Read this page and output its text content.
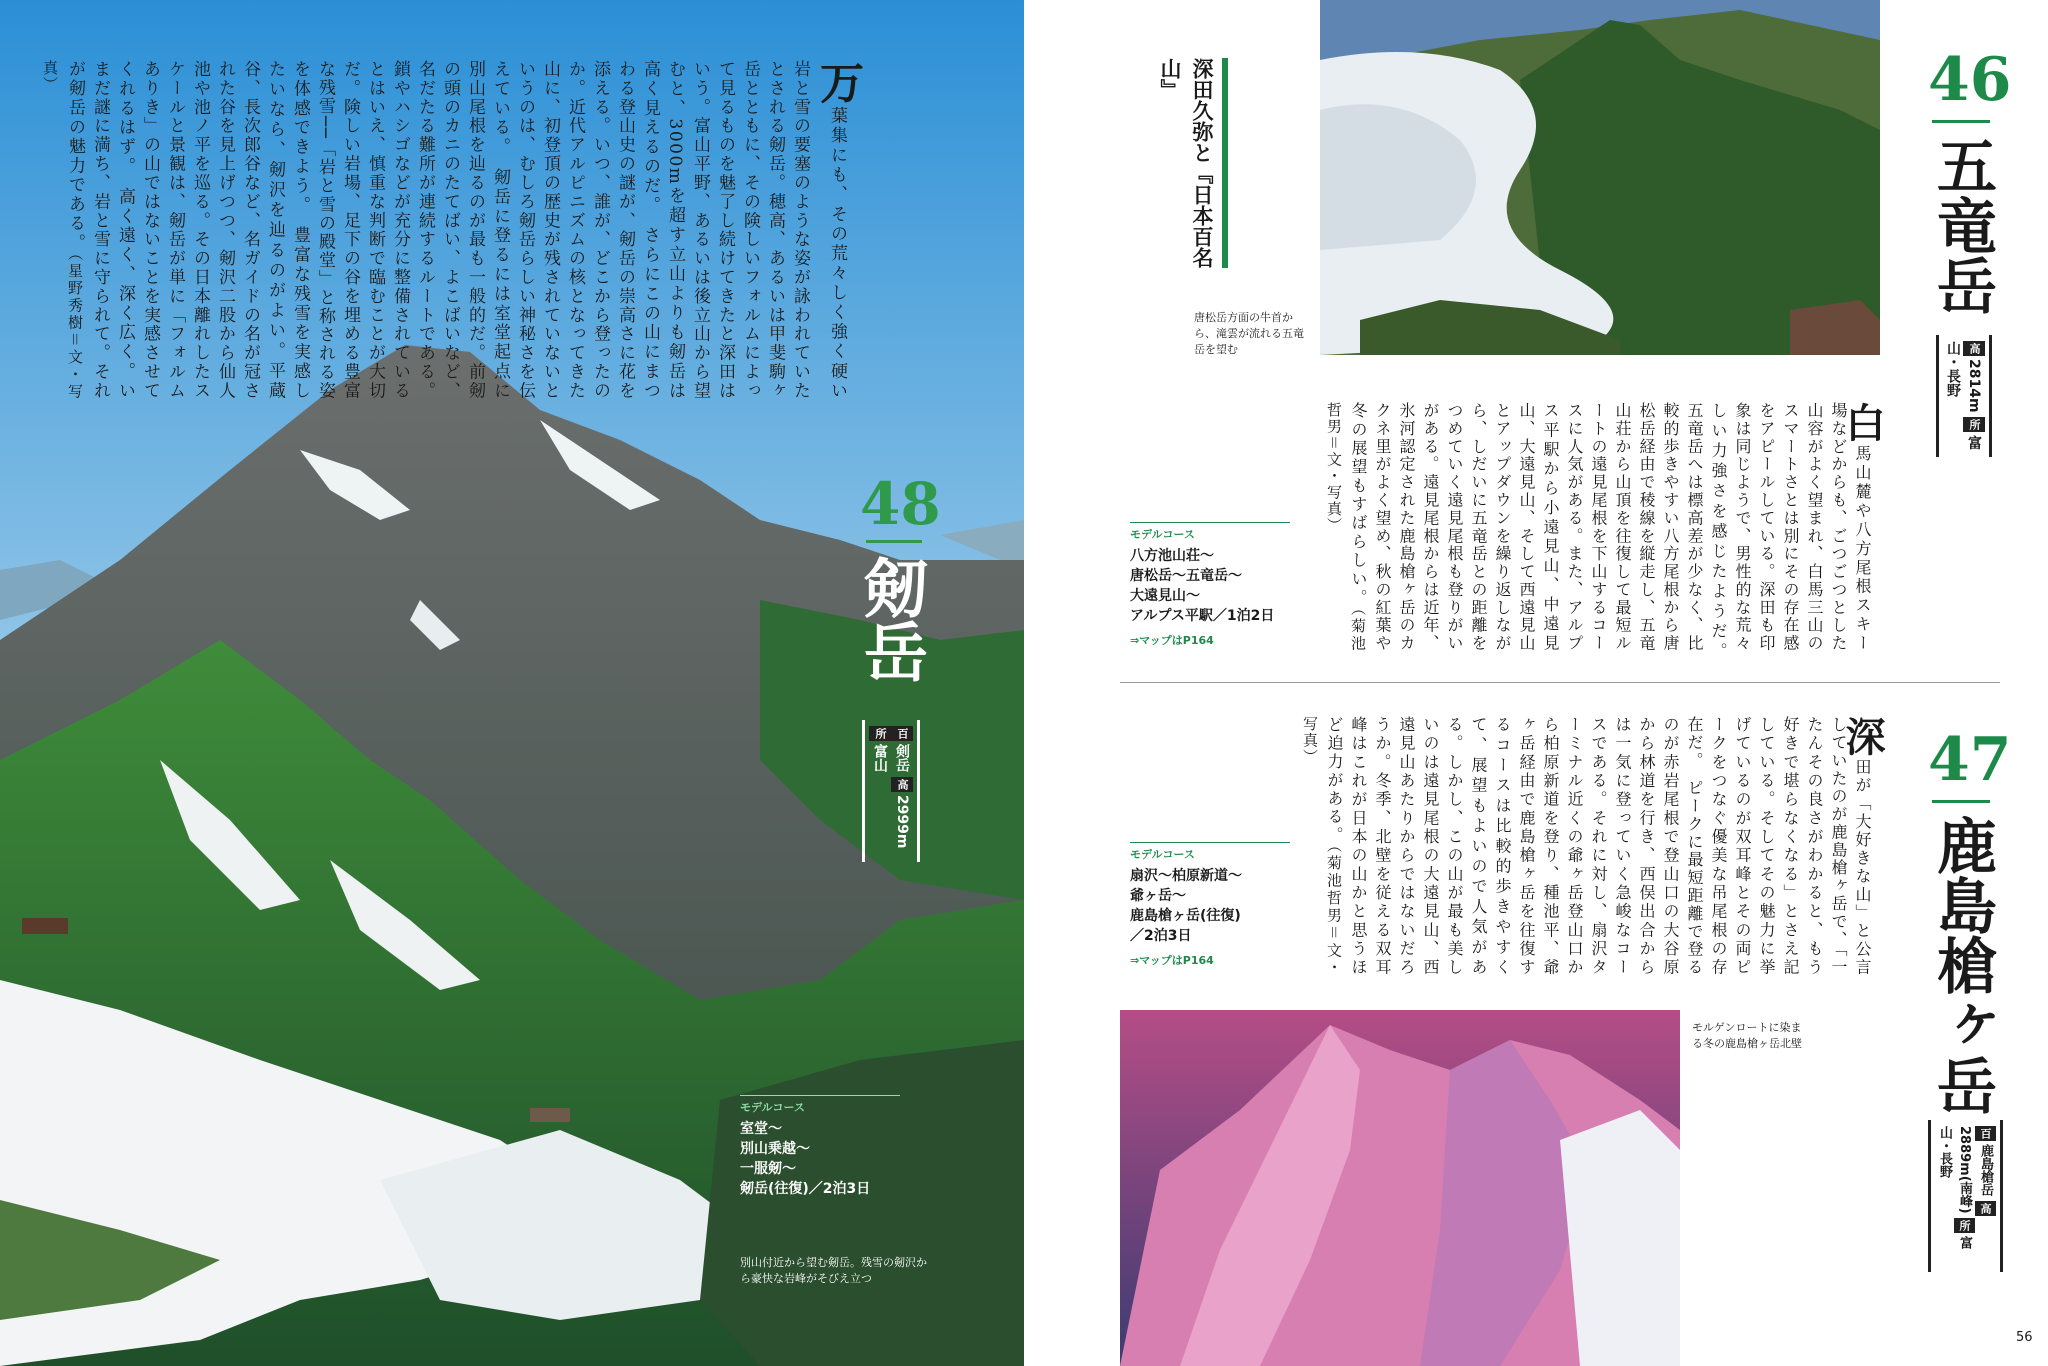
万葉集にも、その荒々しく強く硬い岩と雪の要塞のような姿が詠われていたとされる剱岳。穂高、あるいは甲斐駒ヶ岳とともに、その険しいフォルムによって見るものを魅了し続けてきたと深田はいう。富山平野、あるいは後立山から望むと、3000mを超す立山よりも剱岳は高く見えるのだ。　さらにこの山にまつわる登山史の謎が、剱岳の崇高さに花を添える。いつ、誰が、どこから登ったのか。近代アルピニズムの核となってきた山に、初登頂の歴史が残されていないというのは、むしろ剱岳らしい神秘さを伝えている。　剱岳に登るには室堂起点に別山尾根を辿るのが最も一般的だ。前剱の頭のカニのたてばい、よこばいなど、名だたる難所が連続するルートである。鎖やハシゴなどが充分に整備されているとはいえ、慎重な判断で臨むことが大切だ。険しい岩場、足下の谷を埋める豊富な残雪──「岩と雪の殿堂」と称される姿を体感できよう。　豊富な残雪を実感したいなら、剱沢を辿るのがよい。平蔵谷、長次郎谷など、名ガイドの名が冠された谷を見上げつつ、剱沢二股から仙人池や池ノ平を巡る。その日本離れしたスケールと景観は、剱岳が単に「フォルムありき」の山ではないことを実感させてくれるはず。　高く遠く、深く広く。いまだ謎に満ち、岩と雪に守られて。それが剱岳の魅力である。（星野秀樹＝文・写真）
48
剱岳
百剣岳 高2999m 所富山
モデルコース
室堂〜
別山乗越〜
一服剱〜
剱岳(往復)／2泊3日
別山付近から望む剱岳。残雪の剱沢から豪快な岩峰がそびえ立つ
唐松岳方面の牛首から、滝雲が流れる五竜岳を望む
深田久弥と『日本百名山』	46
五竜岳
高2814m 所富山・長野
白馬山麓や八方尾根スキー場などからも、ごつごつとした山容がよく望まれ、白馬三山のスマートさとは別にその存在感をアピールしている。深田も印象は同じようで、男性的な荒々しい力強さを感じたようだ。　五竜岳へは標高差が少なく、比較的歩きやすい八方尾根から唐松岳経由で稜線を縦走し、五竜山荘から山頂を往復して最短ルートの遠見尾根を下山するコースに人気がある。また、アルプス平駅から小遠見山、中遠見山、大遠見山、そして西遠見山とアップダウンを繰り返しながら、しだいに五竜岳との距離をつめていく遠見尾根も登りがいがある。遠見尾根からは近年、氷河認定された鹿島槍ヶ岳のカクネ里がよく望め、秋の紅葉や冬の展望もすばらしい。（菊池哲男＝文・写真）
モデルコース
八方池山荘〜
唐松岳〜五竜岳〜
大遠見山〜
アルプス平駅／1泊2日
⇒マップはP164
47
鹿島槍ヶ岳
百鹿島槍岳 高2889m(南峰) 所富山・長野
深田が「大好きな山」と公言していたのが鹿島槍ヶ岳で、「一たんその良さがわかると、もう好きで堪らなくなる」とさえ記している。そしてその魅力に挙げているのが双耳峰とその両ピークをつなぐ優美な吊尾根の存在だ。　ピークに最短距離で登るのが赤岩尾根で登山口の大谷原から林道を行き、西俣出合からは一気に登っていく急峻なコースである。それに対し、扇沢ターミナル近くの爺ヶ岳登山口から柏原新道を登り、種池平、爺ヶ岳経由で鹿島槍ヶ岳を往復するコースは比較的歩きやすくて、展望もよいので人気がある。しかし、この山が最も美しいのは遠見尾根の大遠見山、西遠見山あたりからではないだろうか。冬季、北壁を従える双耳峰はこれが日本の山かと思うほど迫力がある。（菊池哲男＝文・写真）
モデルコース
扇沢〜柏原新道〜
爺ヶ岳〜
鹿島槍ヶ岳(往復)
／2泊3日
⇒マップはP164
モルゲンロートに染まる冬の鹿島槍ヶ岳北壁
56
